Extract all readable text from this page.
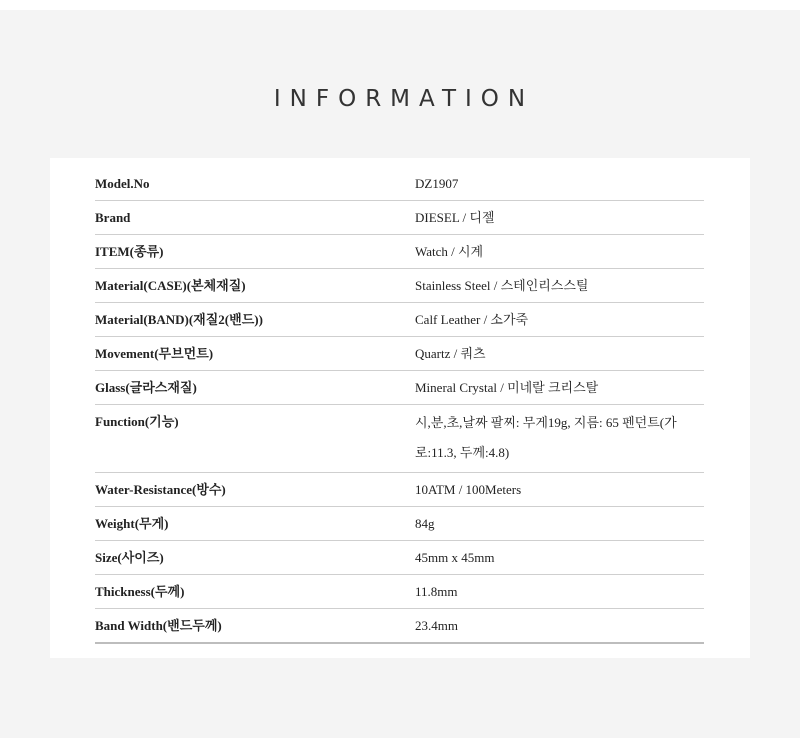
INFORMATION
Model.No	DZ1907
Brand	DIESEL / 디젤
ITEM(종류)	Watch / 시계
Material(CASE)(본체재질)	Stainless Steel / 스테인리스스틸
Material(BAND)(재질2(밴드))	Calf Leather / 소가죽
Movement(무브먼트)	Quartz / 쿼츠
Glass(글라스재질)	Mineral Crystal / 미네랄 크리스탈
Function(기능)	시,분,초,날짜 팔찌: 무게19g, 지름: 65 펜던트(가로:11.3, 두께:4.8)
Water-Resistance(방수)	10ATM / 100Meters
Weight(무게)	84g
Size(사이즈)	45mm x 45mm
Thickness(두께)	11.8mm
Band Width(밴드두께)	23.4mm
